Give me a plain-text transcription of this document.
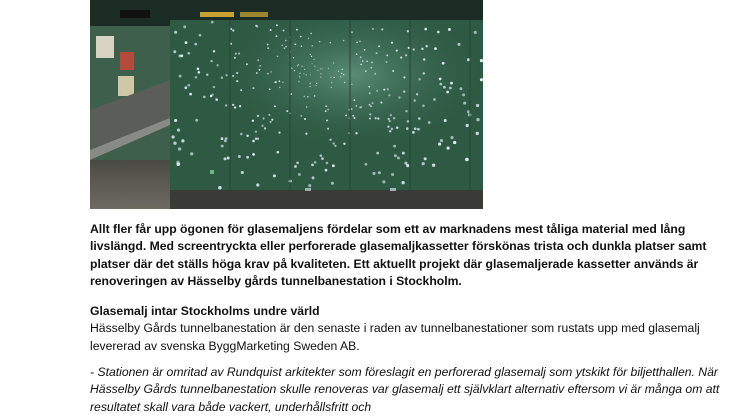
Allt fler får upp ögonen för glasemaljens fördelar som ett av marknadens mest tåliga material med lång livslängd. Med screentryckta eller perforerade glasemaljkassetter förskönas trista och dunkla platser samt platser där det ställs höga krav på kvaliteten. Ett aktuellt projekt där glasemaljerade kassetter används är renoveringen av Hässelby gårds tunnelbanestation i Stockholm.

Glasemalj intar Stockholms undre värld

Hässelby Gårds tunnelbanestation är den senaste i raden av tunnelbanestationer som rustats upp med glasemalj levererad av svenska ByggMarketing Sweden AB.

- Stationen är omritad av Rundquist arkitekter som föreslagit en perforerad glasemalj som ytskikt för biljetthallen. När Hässelby Gårds tunnelbanestation skulle renoveras var glasemalj ett självklart alternativ eftersom vi är många om att resultatet skall vara både vackert, underhållsfritt och
